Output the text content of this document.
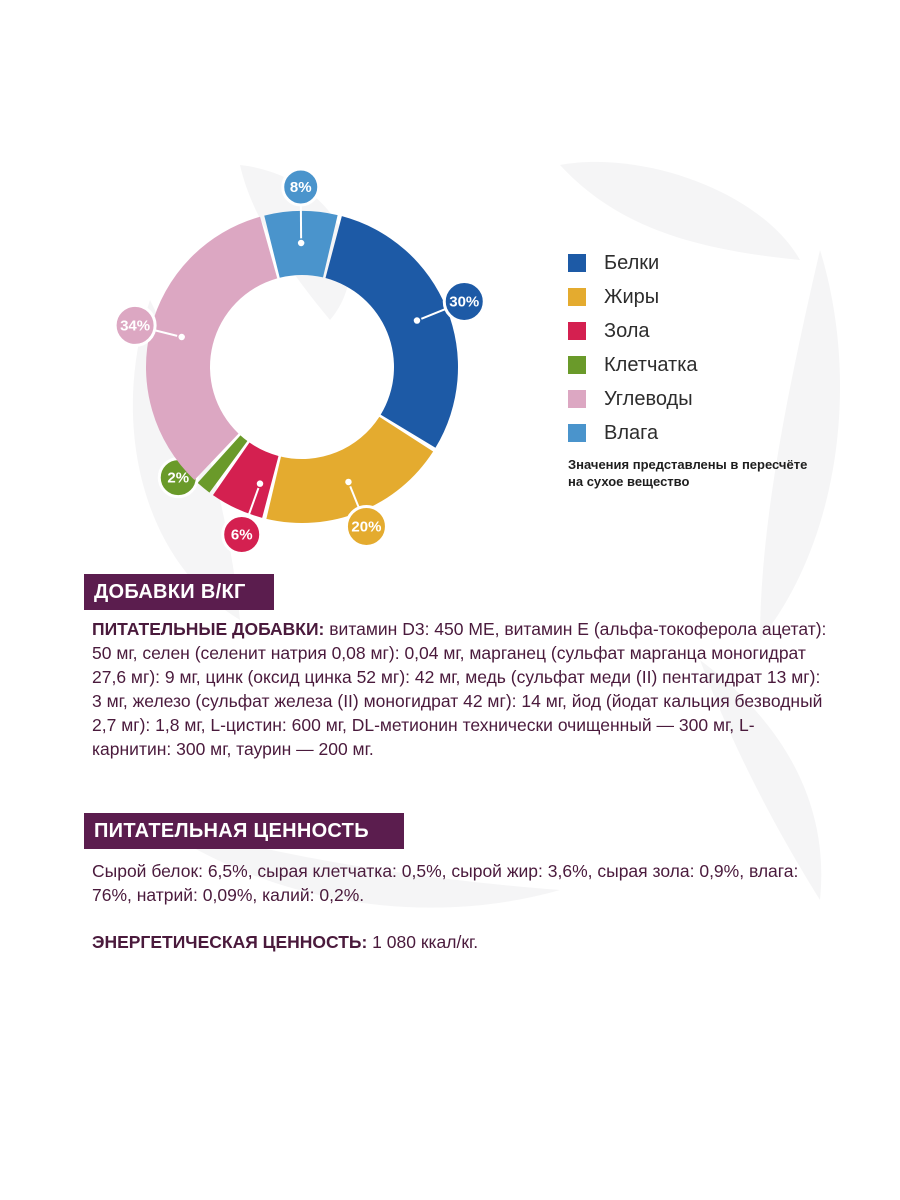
30%
20%
6%
2%
34%
8%
Белки
Жиры
Зола
Клетчатка
Углеводы
Влага
Значения представлены в пересчёте на сухое вещество
ДОБАВКИ В/КГ

ПИТАТЕЛЬНЫЕ ДОБАВКИ: витамин D3: 450 МЕ, витамин Е (альфа-токоферола ацетат): 50 мг, селен (селенит натрия 0,08 мг): 0,04 мг, марганец (сульфат марганца моногидрат 27,6 мг): 9 мг, цинк (оксид цинка 52 мг): 42 мг, медь (сульфат меди (II) пентагидрат 13 мг): 3 мг, железо (сульфат железа (II) моногидрат 42 мг): 14 мг, йод (йодат кальция безводный 2,7 мг): 1,8 мг, L-цистин: 600 мг, DL-метионин технически очищенный — 300 мг, L-карнитин: 300 мг, таурин — 200 мг.

ПИТАТЕЛЬНАЯ ЦЕННОСТЬ

Сырой белок: 6,5%, сырая клетчатка: 0,5%, сырой жир: 3,6%, сырая зола: 0,9%, влага: 76%, натрий: 0,09%, калий: 0,2%.

ЭНЕРГЕТИЧЕСКАЯ ЦЕННОСТЬ: 1 080 ккал/кг.
